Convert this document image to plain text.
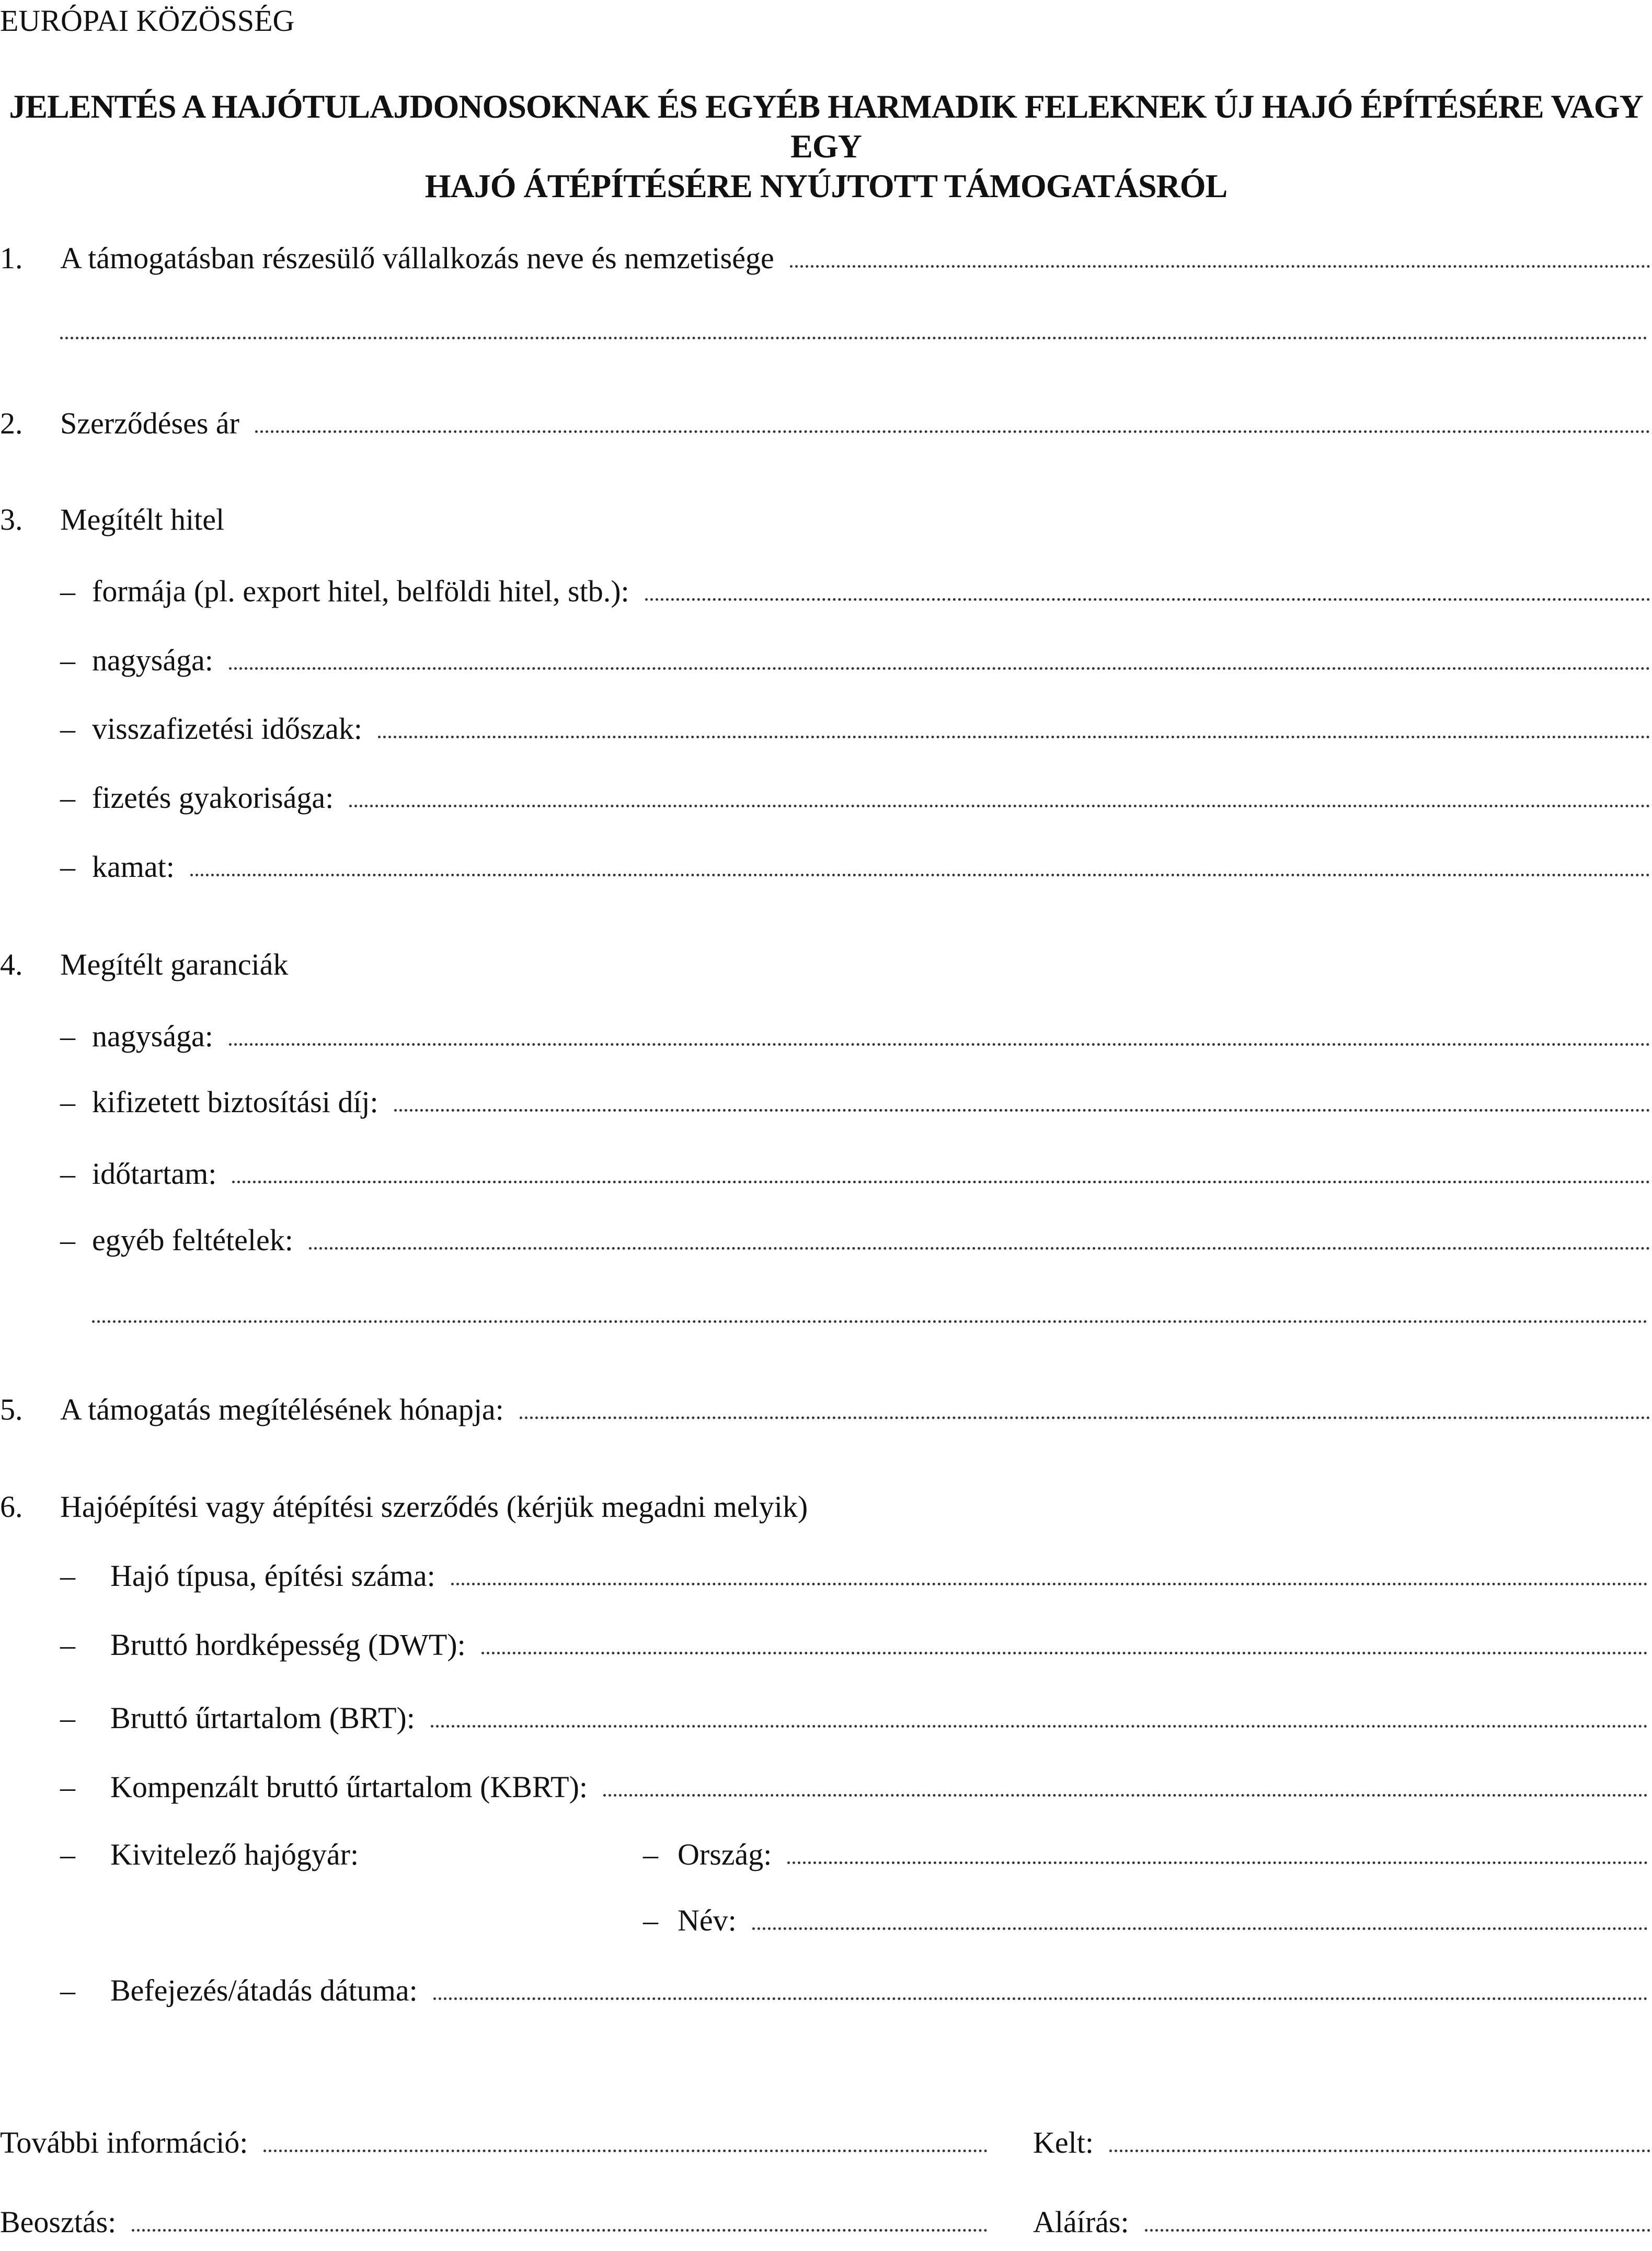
EURÓPAI KÖZÖSSÉG
JELENTÉS A HAJÓTULAJDONOSOKNAK ÉS EGYÉB HARMADIK FELEKNEK ÚJ HAJÓ ÉPÍTÉSÉRE VAGY EGY
HAJÓ ÁTÉPÍTÉSÉRE NYÚJTOTT TÁMOGATÁSRÓL
1. A támogatásban részesülő vállalkozás neve és nemzetisége
2. Szerződéses ár
3. Megítélt hitel
– formája (pl. export hitel, belföldi hitel, stb.):
– nagysága:
– visszafizetési időszak:
– fizetés gyakorisága:
– kamat:
4. Megítélt garanciák
– nagysága:
– kifizetett biztosítási díj:
– időtartam:
– egyéb feltételek:
5. A támogatás megítélésének hónapja:
6. Hajóépítési vagy átépítési szerződés (kérjük megadni melyik)
– Hajó típusa, építési száma:
– Bruttó hordképesség (DWT):
– Bruttó űrtartalom (BRT):
– Kompenzált bruttó űrtartalom (KBRT):
– Kivitelező hajógyár:	– Ország:
– Név:
– Befejezés/átadás dátuma:
További információ:	Kelt:
Beosztás:	Aláírás:
